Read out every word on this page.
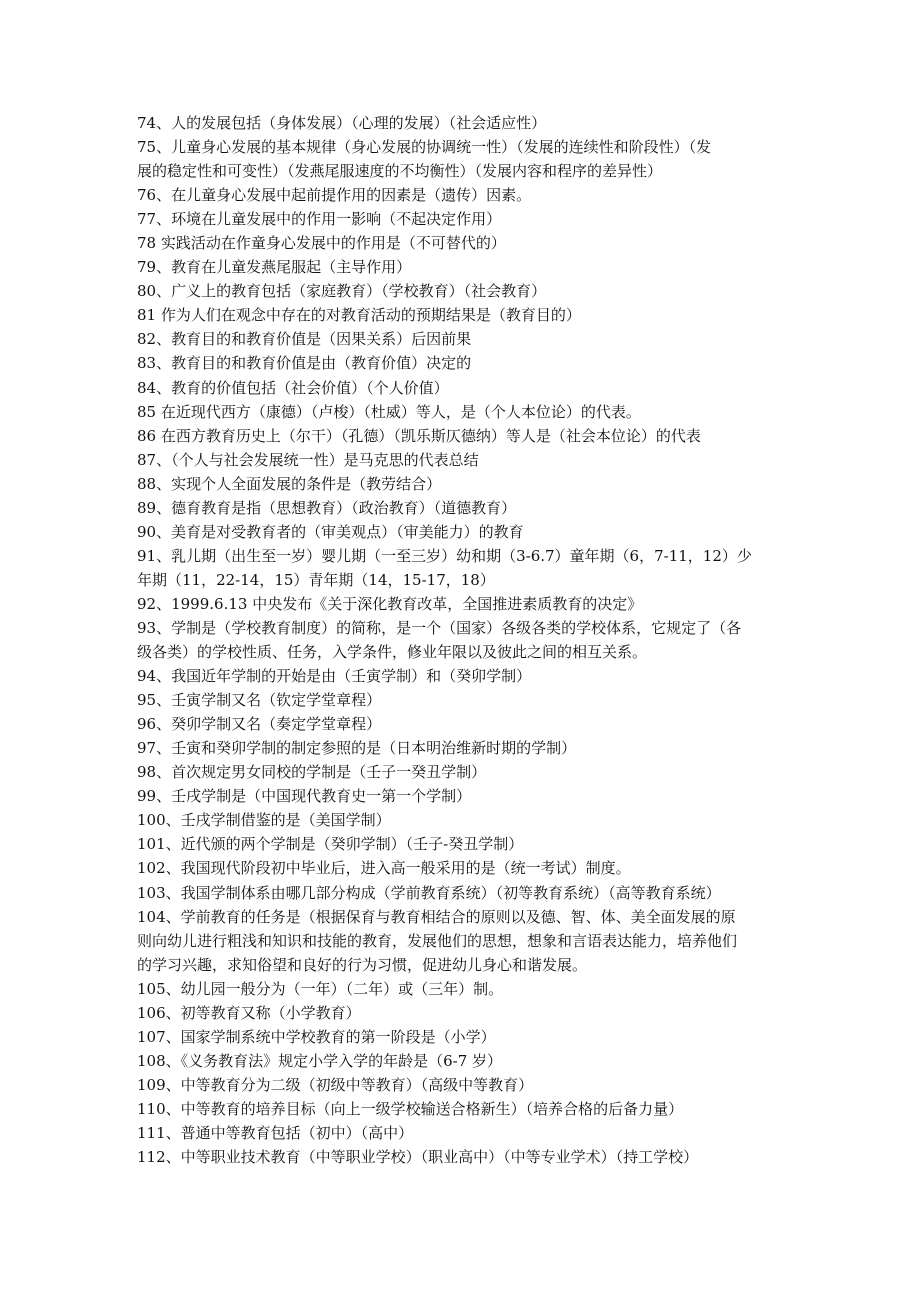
74、人的发展包括（身体发展）（心理的发展）（社会适应性）

75、儿童身心发展的基本规律（身心发展的协调统一性）（发展的连续性和阶段性）（发

展的稳定性和可变性）（发燕尾服速度的不均衡性）（发展内容和程序的差异性）

76、在儿童身心发展中起前提作用的因素是（遗传）因素。

77、环境在儿童发展中的作用一影响（不起决定作用）

78 实践活动在作童身心发展中的作用是（不可替代的）

79、教育在儿童发燕尾服起（主导作用）

80、广义上的教育包括（家庭教育）（学校教育）（社会教育）

81 作为人们在观念中存在的对教育活动的预期结果是（教育目的）

82、教育目的和教育价值是（因果关系）后因前果

83、教育目的和教育价值是由（教育价值）决定的

84、教育的价值包括（社会价值）（个人价值）

85 在近现代西方（康德）（卢梭）（杜威）等人，是（个人本位论）的代表。

86 在西方教育历史上（尔干）（孔德）（凯乐斯仄德纳）等人是（社会本位论）的代表

87、（个人与社会发展统一性）是马克思的代表总结

88、实现个人全面发展的条件是（教劳结合）

89、德育教育是指（思想教育）（政治教育）（道德教育）

90、美育是对受教育者的（审美观点）（审美能力）的教育

91、乳儿期（出生至一岁）婴儿期（一至三岁）幼和期（3-6.7）童年期（6，7-11，12）少

年期（11，22-14，15）青年期（14，15-17，18）

92、1999.6.13 中央发布《关于深化教育改革，全国推进素质教育的决定》

93、学制是（学校教育制度）的简称，是一个（国家）各级各类的学校体系，它规定了（各

级各类）的学校性质、任务，入学条件，修业年限以及彼此之间的相互关系。

94、我国近年学制的开始是由（壬寅学制）和（癸卯学制）

95、壬寅学制又名（钦定学堂章程）

96、癸卯学制又名（奏定学堂章程）

97、壬寅和癸卯学制的制定参照的是（日本明治维新时期的学制）

98、首次规定男女同校的学制是（壬子一癸丑学制）

99、壬戌学制是（中国现代教育史一第一个学制）

100、壬戌学制借鉴的是（美国学制）

101、近代颁的两个学制是（癸卯学制）（壬子-癸丑学制）

102、我国现代阶段初中毕业后，进入高一般采用的是（统一考试）制度。

103、我国学制体系由哪几部分构成（学前教育系统）（初等教育系统）（高等教育系统）

104、学前教育的任务是（根据保育与教育相结合的原则以及德、智、体、美全面发展的原

则向幼儿进行粗浅和知识和技能的教育，发展他们的思想，想象和言语表达能力，培养他们

的学习兴趣，求知俗望和良好的行为习惯，促进幼儿身心和谐发展。

105、幼儿园一般分为（一年）（二年）或（三年）制。

106、初等教育又称（小学教育）

107、国家学制系统中学校教育的第一阶段是（小学）

108、《义务教育法》规定小学入学的年龄是（6-7 岁）

109、中等教育分为二级（初级中等教育）（高级中等教育）

110、中等教育的培养目标（向上一级学校输送合格新生）（培养合格的后备力量）

111、普通中等教育包括（初中）（高中）

112、中等职业技术教育（中等职业学校）（职业高中）（中等专业学术）（持工学校）
